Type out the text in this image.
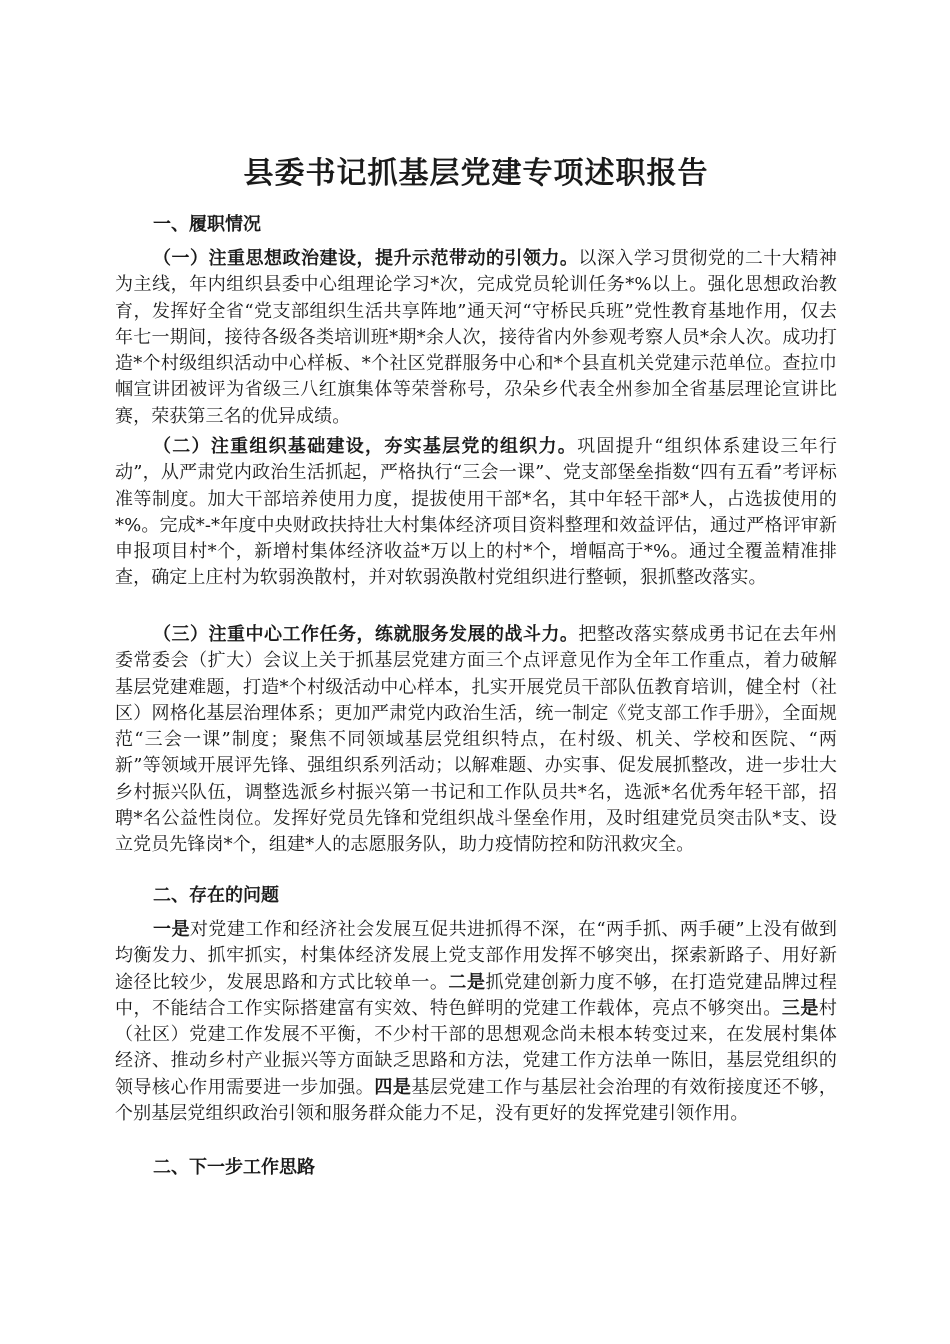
县委书记抓基层党建专项述职报告
一、履职情况

（一）注重思想政治建设，提升示范带动的引领力。以深入学习贯彻党的二十大精神为主线，年内组织县委中心组理论学习*次，完成党员轮训任务*%以上。强化思想政治教育，发挥好全省“党支部组织生活共享阵地”通天河“守桥民兵班”党性教育基地作用，仅去年七一期间，接待各级各类培训班*期*余人次，接待省内外参观考察人员*余人次。成功打造*个村级组织活动中心样板、*个社区党群服务中心和*个县直机关党建示范单位。查拉巾帼宣讲团被评为省级三八红旗集体等荣誉称号，尕朵乡代表全州参加全省基层理论宣讲比赛，荣获第三名的优异成绩。

（二）注重组织基础建设，夯实基层党的组织力。巩固提升“组织体系建设三年行动”，从严肃党内政治生活抓起，严格执行“三会一课”、党支部堡垒指数“四有五看”考评标准等制度。加大干部培养使用力度，提拔使用干部*名，其中年轻干部*人，占选拔使用的*%。完成*-*年度中央财政扶持壮大村集体经济项目资料整理和效益评估，通过严格评审新申报项目村*个，新增村集体经济收益*万以上的村*个，增幅高于*%。通过全覆盖精准排查，确定上庄村为软弱涣散村，并对软弱涣散村党组织进行整顿，狠抓整改落实。

（三）注重中心工作任务，练就服务发展的战斗力。把整改落实蔡成勇书记在去年州委常委会（扩大）会议上关于抓基层党建方面三个点评意见作为全年工作重点，着力破解基层党建难题，打造*个村级活动中心样本，扎实开展党员干部队伍教育培训，健全村（社区）网格化基层治理体系；更加严肃党内政治生活，统一制定《党支部工作手册》，全面规范“三会一课”制度；聚焦不同领域基层党组织特点，在村级、机关、学校和医院、“两新”等领域开展评先锋、强组织系列活动；以解难题、办实事、促发展抓整改，进一步壮大乡村振兴队伍，调整选派乡村振兴第一书记和工作队员共*名，选派*名优秀年轻干部，招聘*名公益性岗位。发挥好党员先锋和党组织战斗堡垒作用，及时组建党员突击队*支、设立党员先锋岗*个，组建*人的志愿服务队，助力疫情防控和防汛救灾全。

二、存在的问题

一是对党建工作和经济社会发展互促共进抓得不深，在“两手抓、两手硬”上没有做到均衡发力、抓牢抓实，村集体经济发展上党支部作用发挥不够突出，探索新路子、用好新途径比较少，发展思路和方式比较单一。二是抓党建创新力度不够，在打造党建品牌过程中，不能结合工作实际搭建富有实效、特色鲜明的党建工作载体，亮点不够突出。三是村（社区）党建工作发展不平衡，不少村干部的思想观念尚未根本转变过来，在发展村集体经济、推动乡村产业振兴等方面缺乏思路和方法，党建工作方法单一陈旧，基层党组织的领导核心作用需要进一步加强。四是基层党建工作与基层社会治理的有效衔接度还不够，个别基层党组织政治引领和服务群众能力不足，没有更好的发挥党建引领作用。

二、下一步工作思路
